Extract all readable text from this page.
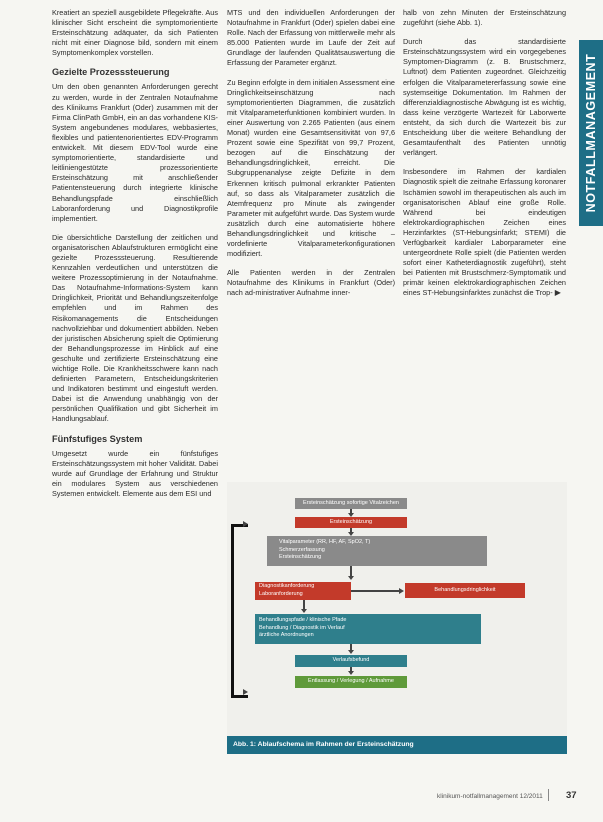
NOTFALLMANAGEMENT

Kreatiert an speziell ausgebildete Pflegekräfte. Aus klinischer Sicht erscheint die symptomorientierte Ersteinschätzung adäquater, da sich Patienten nicht mit einer Diagnose bild, sondern mit einem Symptomenkomplex vorstellen.

Gezielte Prozesssteuerung

Um den oben genannten Anforderungen gerecht zu werden, wurde in der Zentralen Notaufnahme des Klinikums Frankfurt (Oder) zusammen mit der Firma ClinPath GmbH, ein an das vorhandene KIS-System angebundenes modulares, webbasiertes, flexibles und patientenorientiertes EDV-Programm entwickelt. Mit diesem EDV-Tool wurde eine symptomorientierte, standardisierte und leitliniengestützte prozessorientierte Ersteinschätzung mit anschließender Patientensteuerung durch integrierte klinische Behandlungspfade einschließlich Laboranforderung und Diagnostikprofile implementiert.

Die übersichtliche Darstellung der zeitlichen und organisatorischen Ablaufstrukturen ermöglicht eine gezielte Prozesssteuerung. Resultierende Kennzahlen verdeutlichen und unterstützen die weitere Prozessoptimierung in der Notaufnahme. Das Notaufnahme-Informations-System kann Dringlichkeit, Priorität und Behandlungszeitenfolge empfehlen und im Rahmen des Risikomanagements die Entscheidungen nachvollziehbar und dokumentiert abbilden. Neben der juristischen Absicherung spielt die Optimierung der Behandlungsprozesse im Hinblick auf eine geschulte und zertifizierte Ersteinschätzung eine wichtige Rolle. Die Krankheitsschwere kann nach definierten Parametern, Entscheidungskriterien und Indikatoren bestimmt und eingestuft werden. Dabei ist die Anwendung unabhängig von der persönlichen Qualifikation und gibt Sicherheit im Handlungsablauf.

Fünfstufiges System

Umgesetzt wurde ein fünfstufiges Ersteinschätzungssystem mit hoher Validität. Dabei wurde auf Grundlage der Erfahrung und Struktur ein modulares System aus verschiedenen Systemen entwickelt. Elemente aus dem ESI und

MTS und den individuellen Anforderungen der Notaufnahme in Frankfurt (Oder) spielen dabei eine Rolle. Nach der Erfassung von mittlerweile mehr als 85.000 Patienten wurde im Laufe der Zeit auf Grundlage der laufenden Qualitätsauswertung die Erfassung der Parameter ergänzt.

Zu Beginn erfolgte in dem initialen Assessment eine Dringlichkeitseinschätzung nach symptomorientierten Diagrammen, die zusätzlich mit Vitalparameterfunktionen kombiniert wurden. In einer Auswertung von 2.265 Patienten (aus einem Monat) wurden eine Gesamtsensitivität von 97,6 Prozent sowie eine Spezifität von 99,7 Prozent, bezogen auf die Einschätzung der Behandlungsdringlichkeit, erreicht. Die Subgruppenanalyse zeigte Defizite in dem Erkennen kritisch pulmonal erkrankter Patienten auf, so dass als Vitalparameter zusätzlich die Atemfrequenz pro Minute als zwingender Parameter mit aufgeführt wurde. Das System wurde zusätzlich durch eine automatisierte höhere Behandlungsdringlichkeit und kritische – vordefinierte Vitalparameterkonfigurationen modifiziert.

Alle Patienten werden in der Zentralen Notaufnahme des Klinikums in Frankfurt (Oder) nach ad-ministrativer Aufnahme inner-

halb von zehn Minuten der Ersteinschätzung zugeführt (siehe Abb. 1).

Durch das standardisierte Ersteinschätzungssystem wird ein vorgegebenes Symptomen-Diagramm (z. B. Brustschmerz, Luftnot) dem Patienten zugeordnet. Gleichzeitig erfolgen die Vitalparametererfassung sowie eine systemseitige Dokumentation. Im Rahmen der differenzialdiagnostische Abwägung ist es wichtig, dass keine verzögerte Wartezeit für Laborwerte entsteht, da sich durch die Wartezeit bis zur Entscheidung über die weitere Behandlung der Gesamtaufenthalt des Patienten unnötig verlängert.

Insbesondere im Rahmen der kardialen Diagnostik spielt die zeitnahe Erfassung koronarer Ischämien sowohl im therapeutischen als auch im organisatorischen Ablauf eine große Rolle. Während bei eindeutigen elektrokardiographischen Zeichen eines Herzinfarktes (ST-Hebungsinfarkt; STEMI) die Verfügbarkeit kardialer Laborparameter eine untergeordnete Rolle spielt (die Patienten werden sofort einer Katheterdiagnostik zugeführt), steht bei Patienten mit Brustschmerz-Symptomatik und primär keinen elektrokardiographischen Zeichen eines ST-Hebungsinfarktes zunächst die Trop- ▶

Ersteinschätzung sofortige Vitalzeichen
Ersteinschätzung
Vitalparameter (RR, HF, AF, SpO2, T)
Schmerzerfassung
Ersteinschätzung
Diagnostikanforderung
Laboranforderung
Behandlungsdringlichkeit
Behandlungspfade / klinische Pfade
Behandlung / Diagnostik im Verlauf
ärztliche Anordnungen
Verlaufsbefund
Entlassung / Verlegung / Aufnahme
Abb. 1: Ablaufschema im Rahmen der Ersteinschätzung
klinikum-notfallmanagement 12/2011 37
